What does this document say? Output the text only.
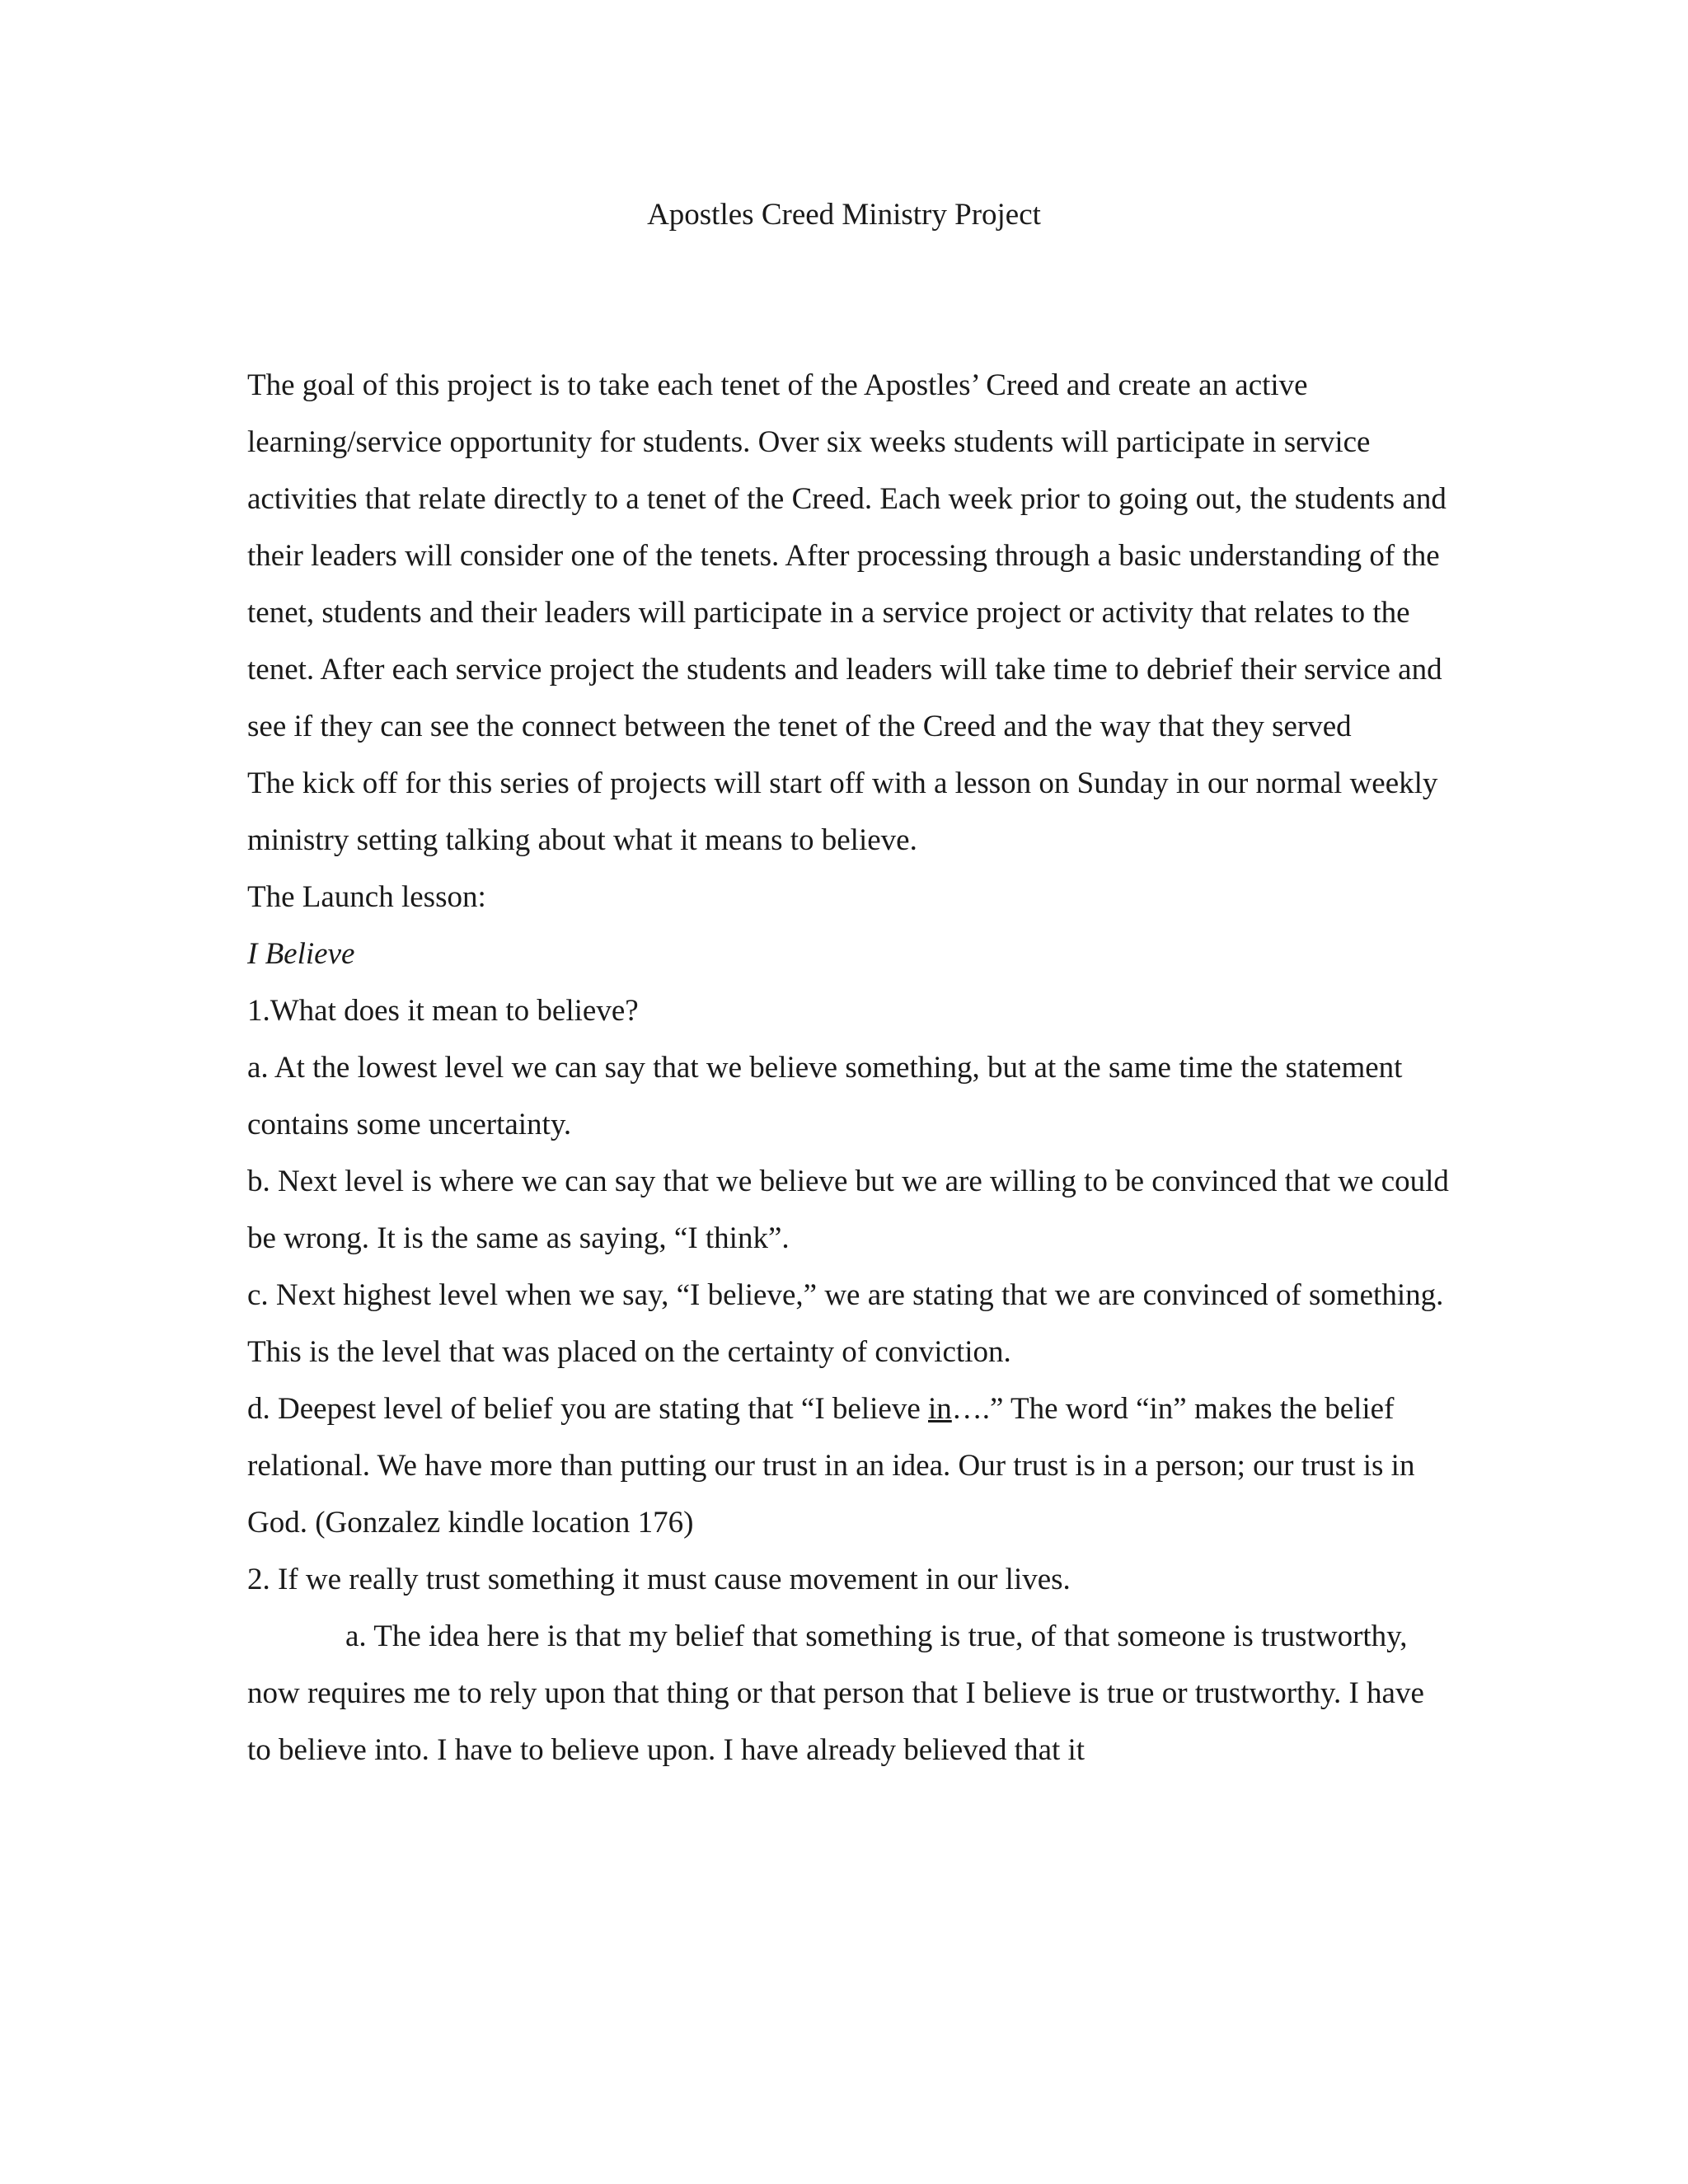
Apostles Creed Ministry Project

The goal of this project is to take each tenet of the Apostles’ Creed and create an active learning/service opportunity for students. Over six weeks students will participate in service activities that relate directly to a tenet of the Creed. Each week prior to going out, the students and their leaders will consider one of the tenets. After processing through a basic understanding of the tenet, students and their leaders will participate in a service project or activity that relates to the tenet. After each service project the students and leaders will take time to debrief their service and see if they can see the connect between the tenet of the Creed and the way that they served

The kick off for this series of projects will start off with a lesson on Sunday in our normal weekly ministry setting talking about what it means to believe.

The Launch lesson:

I Believe

1.What does it mean to believe?

a. At the lowest level we can say that we believe something, but at the same time the statement contains some uncertainty.

b. Next level is where we can say that we believe but we are willing to be convinced that we could be wrong. It is the same as saying, “I think”.

c. Next highest level when we say, “I believe,” we are stating that we are convinced of something. This is the level that was placed on the certainty of conviction.

d. Deepest level of belief you are stating that “I believe in….” The word “in” makes the belief relational. We have more than putting our trust in an idea. Our trust is in a person; our trust is in God. (Gonzalez kindle location 176)

2. If we really trust something it must cause movement in our lives.

a. The idea here is that my belief that something is true, of that someone is trustworthy, now requires me to rely upon that thing or that person that I believe is true or trustworthy. I have to believe into. I have to believe upon. I have already believed that it
